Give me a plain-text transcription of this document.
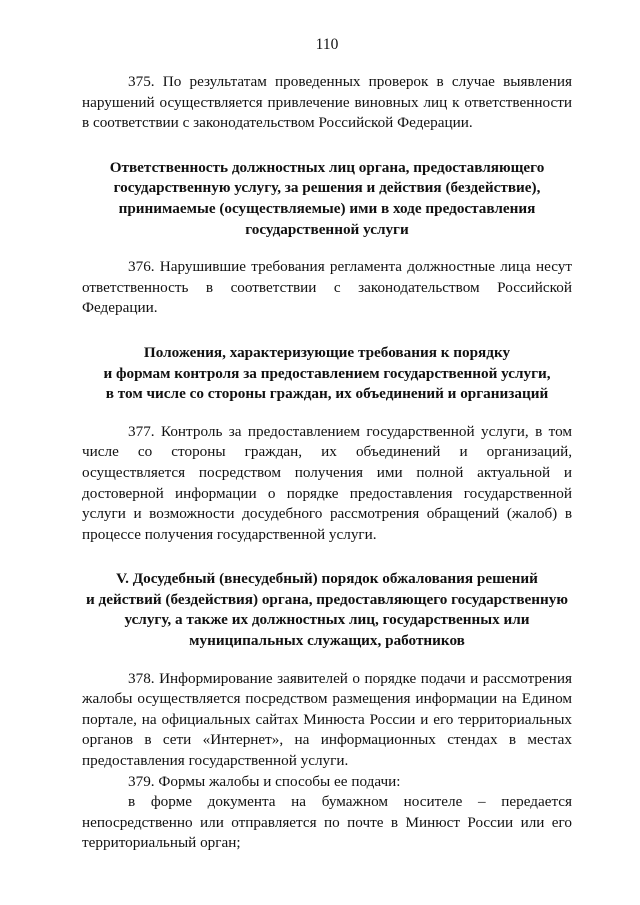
110

375. По результатам проведенных проверок в случае выявления нарушений осуществляется привлечение виновных лиц к ответственности в соответствии с законодательством Российской Федерации.

Ответственность должностных лиц органа, предоставляющего
государственную услугу, за решения и действия (бездействие),
принимаемые (осуществляемые) ими в ходе предоставления
государственной услуги

376. Нарушившие требования регламента должностные лица несут ответственность в соответствии с законодательством Российской Федерации.

Положения, характеризующие требования к порядку
и формам контроля за предоставлением государственной услуги,
в том числе со стороны граждан, их объединений и организаций

377. Контроль за предоставлением государственной услуги, в том числе со стороны граждан, их объединений и организаций, осуществляется посредством получения ими полной актуальной и достоверной информации о порядке предоставления государственной услуги и возможности досудебного рассмотрения обращений (жалоб) в процессе получения государственной услуги.

V. Досудебный (внесудебный) порядок обжалования решений
и действий (бездействия) органа, предоставляющего государственную
услугу, а также их должностных лиц, государственных или
муниципальных служащих, работников

378. Информирование заявителей о порядке подачи и рассмотрения жалобы осуществляется посредством размещения информации на Едином портале, на официальных сайтах Минюста России и его территориальных органов в сети «Интернет», на информационных стендах в местах предоставления государственной услуги.

379. Формы жалобы и способы ее подачи:

в форме документа на бумажном носителе – передается непосредственно или отправляется по почте в Минюст России или его территориальный орган;
